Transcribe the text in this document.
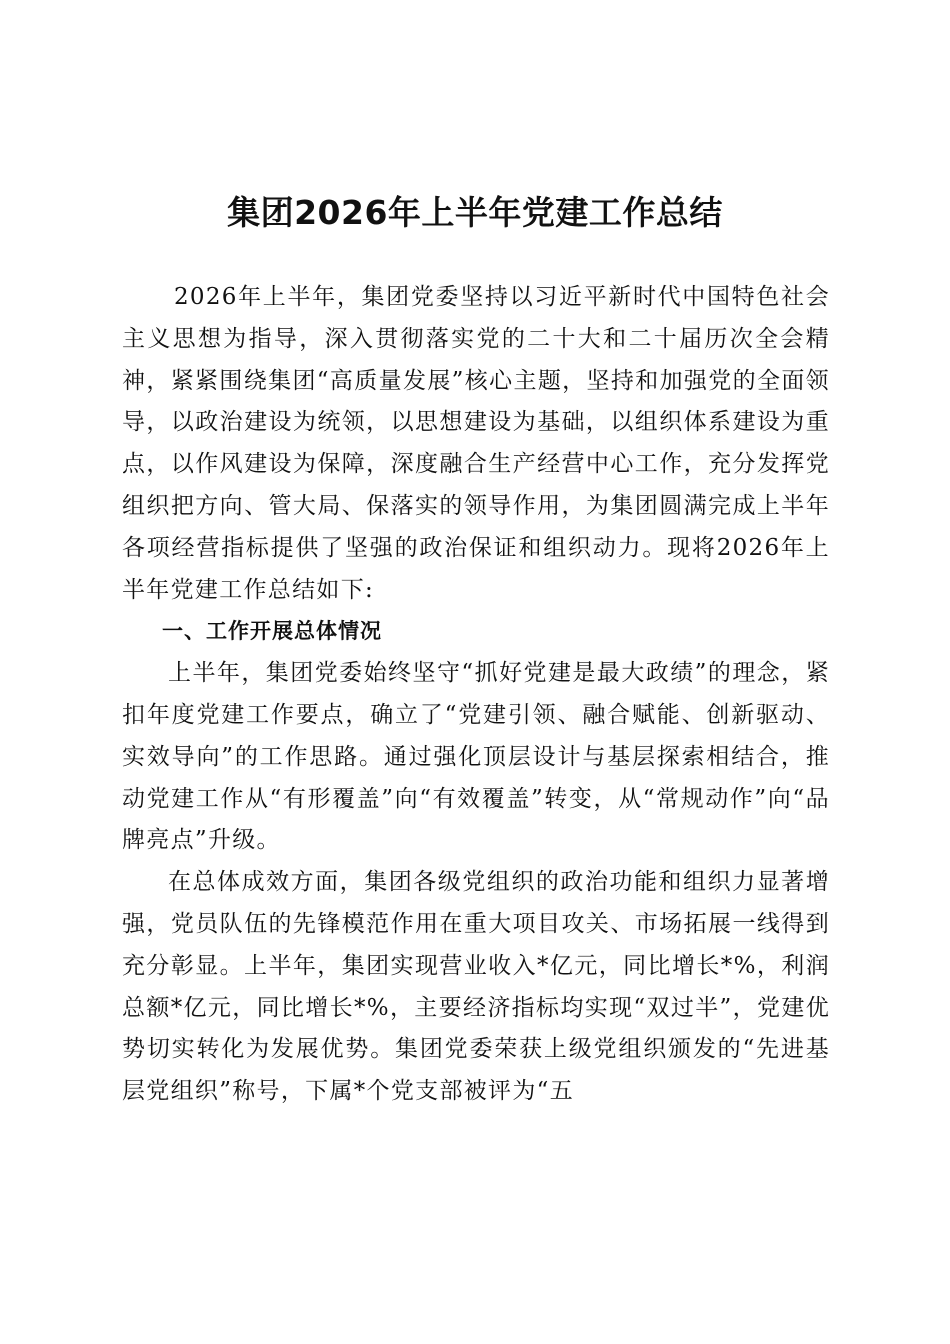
集团2026年上半年党建工作总结

2026年上半年，集团党委坚持以习近平新时代中国特色社会主义思想为指导，深入贯彻落实党的二十大和二十届历次全会精神，紧紧围绕集团“高质量发展”核心主题，坚持和加强党的全面领导，以政治建设为统领，以思想建设为基础，以组织体系建设为重点，以作风建设为保障，深度融合生产经营中心工作，充分发挥党组织把方向、管大局、保落实的领导作用，为集团圆满完成上半年各项经营指标提供了坚强的政治保证和组织动力。现将2026年上半年党建工作总结如下:

一、工作开展总体情况

上半年，集团党委始终坚守“抓好党建是最大政绩”的理念，紧扣年度党建工作要点，确立了“党建引领、融合赋能、创新驱动、实效导向”的工作思路。通过强化顶层设计与基层探索相结合，推动党建工作从“有形覆盖”向“有效覆盖”转变，从“常规动作”向“品牌亮点”升级。

在总体成效方面，集团各级党组织的政治功能和组织力显著增强，党员队伍的先锋模范作用在重大项目攻关、市场拓展一线得到充分彰显。上半年，集团实现营业收入*亿元，同比增长*%，利润总额*亿元，同比增长*%，主要经济指标均实现“双过半”，党建优势切实转化为发展优势。集团党委荣获上级党组织颁发的“先进基层党组织”称号，下属*个党支部被评为“五
